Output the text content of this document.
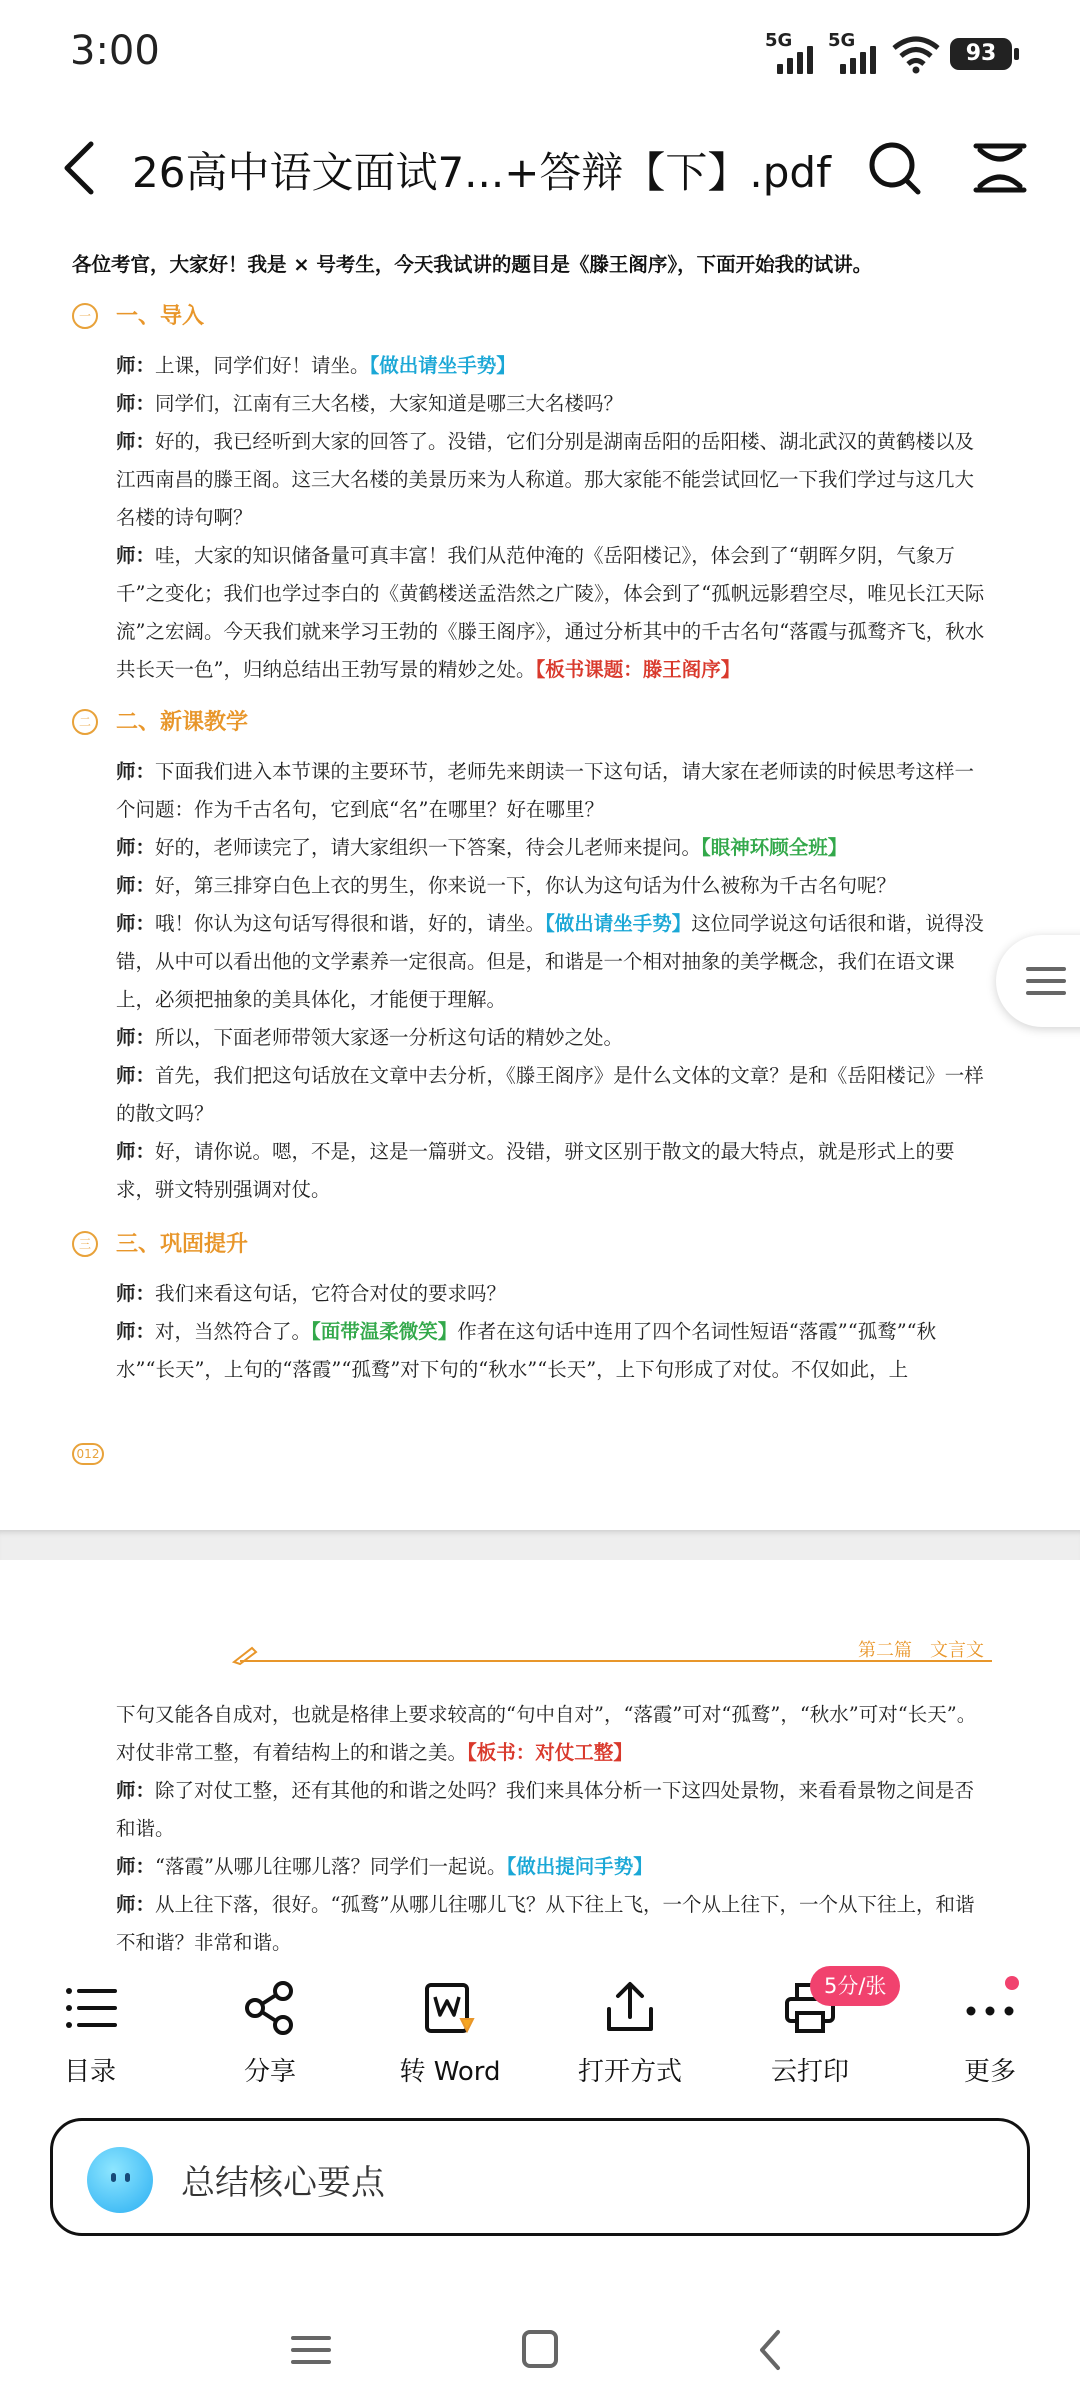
3:00	5G 5G
93
26高中语文面试7...+答辩【下】.pdf
各位考官，大家好！我是 × 号考生，今天我试讲的题目是《滕王阁序》，下面开始我的试讲。
一	一、导入
师：上课，同学们好！请坐。【做出请坐手势】
师：同学们，江南有三大名楼，大家知道是哪三大名楼吗？
师：好的，我已经听到大家的回答了。没错，它们分别是湖南岳阳的岳阳楼、湖北武汉的黄鹤楼以及江西南昌的滕王阁。这三大名楼的美景历来为人称道。那大家能不能尝试回忆一下我们学过与这几大名楼的诗句啊？
师：哇，大家的知识储备量可真丰富！我们从范仲淹的《岳阳楼记》，体会到了“朝晖夕阴，气象万千”之变化；我们也学过李白的《黄鹤楼送孟浩然之广陵》，体会到了“孤帆远影碧空尽，唯见长江天际流”之宏阔。今天我们就来学习王勃的《滕王阁序》，通过分析其中的千古名句“落霞与孤鹜齐飞，秋水共长天一色”，归纳总结出王勃写景的精妙之处。【板书课题：滕王阁序】
二	二、新课教学
师：下面我们进入本节课的主要环节，老师先来朗读一下这句话，请大家在老师读的时候思考这样一个问题：作为千古名句，它到底“名”在哪里？好在哪里？
师：好的，老师读完了，请大家组织一下答案，待会儿老师来提问。【眼神环顾全班】
师：好，第三排穿白色上衣的男生，你来说一下，你认为这句话为什么被称为千古名句呢？
师：哦！你认为这句话写得很和谐，好的，请坐。【做出请坐手势】这位同学说这句话很和谐，说得没错，从中可以看出他的文学素养一定很高。但是，和谐是一个相对抽象的美学概念，我们在语文课上，必须把抽象的美具体化，才能便于理解。
师：所以，下面老师带领大家逐一分析这句话的精妙之处。
师：首先，我们把这句话放在文章中去分析，《滕王阁序》是什么文体的文章？是和《岳阳楼记》一样的散文吗？
师：好，请你说。嗯，不是，这是一篇骈文。没错，骈文区别于散文的最大特点，就是形式上的要求，骈文特别强调对仗。
三	三、巩固提升
师：我们来看这句话，它符合对仗的要求吗？
师：对，当然符合了。【面带温柔微笑】作者在这句话中连用了四个名词性短语“落霞”“孤鹜”“秋水”“长天”，上句的“落霞”“孤鹜”对下句的“秋水”“长天”，上下句形成了对仗。不仅如此，上
012
第二篇　文言文
下句又能各自成对，也就是格律上要求较高的“句中自对”，“落霞”可对“孤鹜”，“秋水”可对“长天”。对仗非常工整，有着结构上的和谐之美。【板书：对仗工整】
师：除了对仗工整，还有其他的和谐之处吗？我们来具体分析一下这四处景物，来看看景物之间是否和谐。
师：“落霞”从哪儿往哪儿落？同学们一起说。【做出提问手势】
师：从上往下落，很好。“孤鹜”从哪儿往哪儿飞？从下往上飞，一个从上往下，一个从下往上，和谐不和谐？非常和谐。
目录	分享	转 Word	打开方式	云打印	更多
5分/张
总结核心要点
